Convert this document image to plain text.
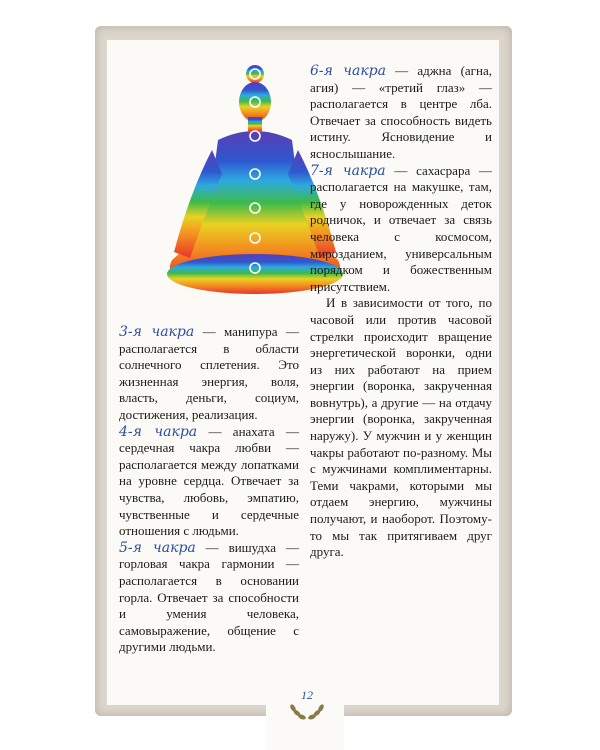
3-я чакра — манипура — располагается в области солнечного сплетения. Это жизненная энергия, воля, власть, деньги, социум, достижения, реализация.

4-я чакра — анахата — сердечная чакра любви — располагается между лопатками на уровне сердца. Отвечает за чувства, любовь, эмпатию, чувственные и сердечные отношения с людьми.

5-я чакра — вишудха — горловая чакра гармонии — располагается в основании горла. Отвечает за способности и умения человека, самовыражение, общение с другими людьми.

6-я чакра — аджна (агна, агия) — «третий глаз» — располагается в центре лба. Отвечает за способность видеть истину. Ясновидение и яснослышание.

7-я чакра — сахасрара — располагается на макушке, там, где у новорожденных деток родничок, и отвечает за связь человека с космосом, мирозданием, универсальным порядком и божественным присутствием.

И в зависимости от того, по часовой или против часовой стрелки происходит вращение энергетической воронки, одни из них работают на прием энергии (воронка, закрученная вовнутрь), а другие — на отдачу энергии (воронка, закрученная наружу). У мужчин и у женщин чакры работают по-разному. Мы с мужчинами комплиментарны. Теми чакрами, которыми мы отдаем энергию, мужчины получают, и наоборот. Поэтому-то мы так притягиваем друг друга.

12
